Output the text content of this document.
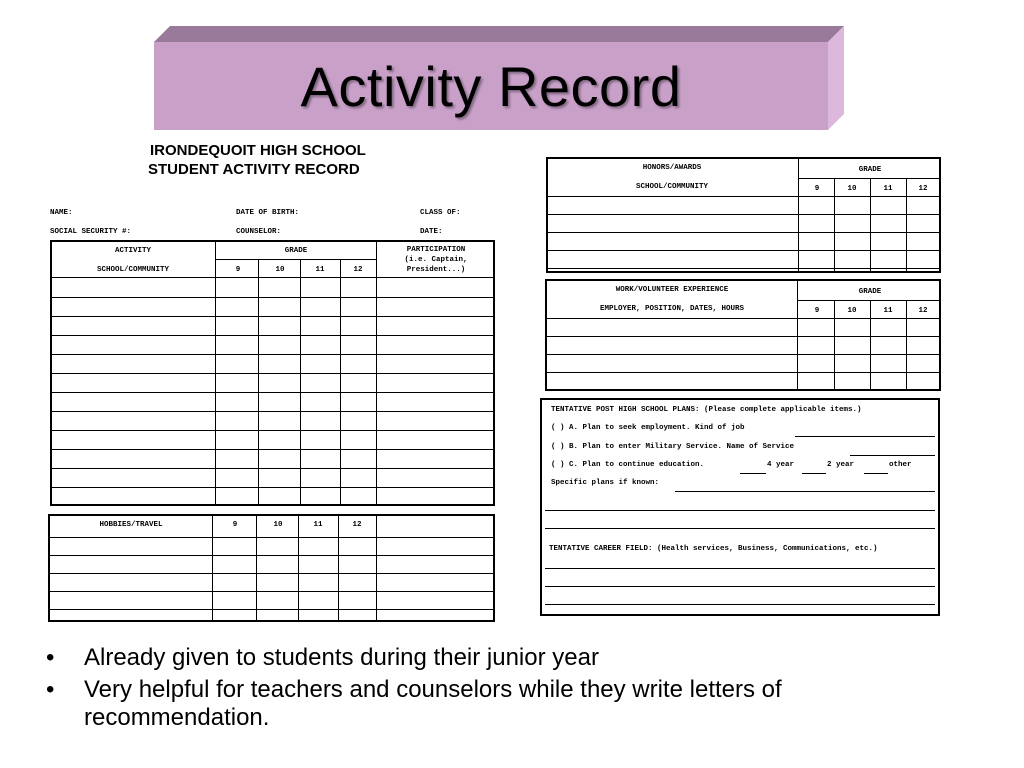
Activity Record
IRONDEQUOIT HIGH SCHOOL
STUDENT ACTIVITY RECORD
NAME:	DATE OF BIRTH:	CLASS OF:
SOCIAL SECURITY #:	COUNSELOR:	DATE:
ACTIVITY
SCHOOL/COMMUNITY
GRADE
9	10	11	12
PARTICIPATION
(i.e. Captain,
President...)
HOBBIES/TRAVEL	9	10	11	12
HONORS/AWARDS
SCHOOL/COMMUNITY
GRADE
9	10	11	12
WORK/VOLUNTEER EXPERIENCE
EMPLOYER, POSITION, DATES, HOURS
GRADE
9	10	11	12
TENTATIVE POST HIGH SCHOOL PLANS: (Please complete applicable items.)
( ) A. Plan to seek employment. Kind of job
( ) B. Plan to enter Military Service. Name of Service
( ) C. Plan to continue education.	4 year	2 year	other
Specific plans if known:
TENTATIVE CAREER FIELD: (Health services, Business, Communications, etc.)
• Already given to students during their junior year
• Very helpful for teachers and counselors while they write letters of recommendation.
